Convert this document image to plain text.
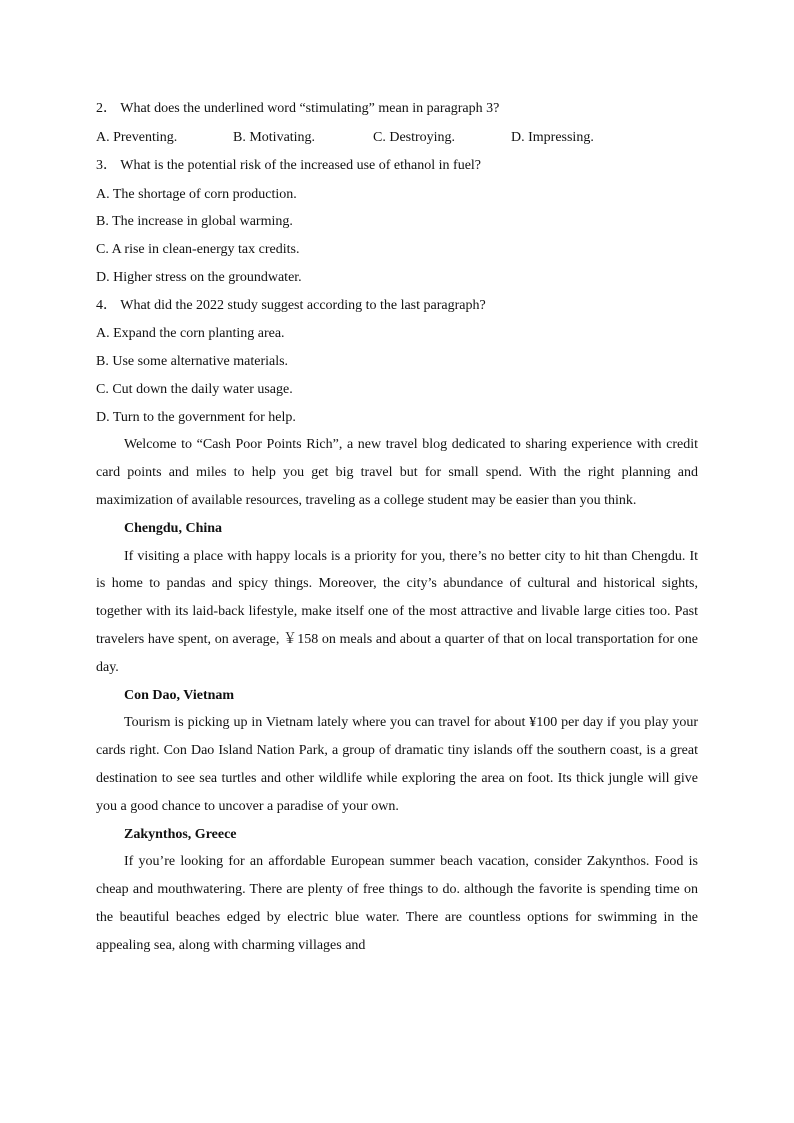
2． What does the underlined word “stimulating” mean in paragraph 3?

A. Preventing.	B. Motivating.	C. Destroying.	D. Impressing.

3． What is the potential risk of the increased use of ethanol in fuel?

A. The shortage of corn production.

B. The increase in global warming.

C. A rise in clean-energy tax credits.

D. Higher stress on the groundwater.

4． What did the 2022 study suggest according to the last paragraph?

A. Expand the corn planting area.

B. Use some alternative materials.

C. Cut down the daily water usage.

D. Turn to the government for help.

Welcome to “Cash Poor Points Rich”, a new travel blog dedicated to sharing experience with credit card points and miles to help you get big travel but for small spend. With the right planning and maximization of available resources, traveling as a college student may be easier than you think.

Chengdu, China

If visiting a place with happy locals is a priority for you, there’s no better city to hit than Chengdu. It is home to pandas and spicy things. Moreover, the city’s abundance of cultural and historical sights, together with its laid-back lifestyle, make itself one of the most attractive and livable large cities too. Past travelers have spent, on average, ￥158 on meals and about a quarter of that on local transportation for one day.

Con Dao, Vietnam

Tourism is picking up in Vietnam lately where you can travel for about ¥100 per day if you play your cards right. Con Dao Island Nation Park, a group of dramatic tiny islands off the southern coast, is a great destination to see sea turtles and other wildlife while exploring the area on foot. Its thick jungle will give you a good chance to uncover a paradise of your own.

Zakynthos, Greece

If you’re looking for an affordable European summer beach vacation, consider Zakynthos. Food is cheap and mouthwatering. There are plenty of free things to do. although the favorite is spending time on the beautiful beaches edged by electric blue water. There are countless options for swimming in the appealing sea, along with charming villages and
